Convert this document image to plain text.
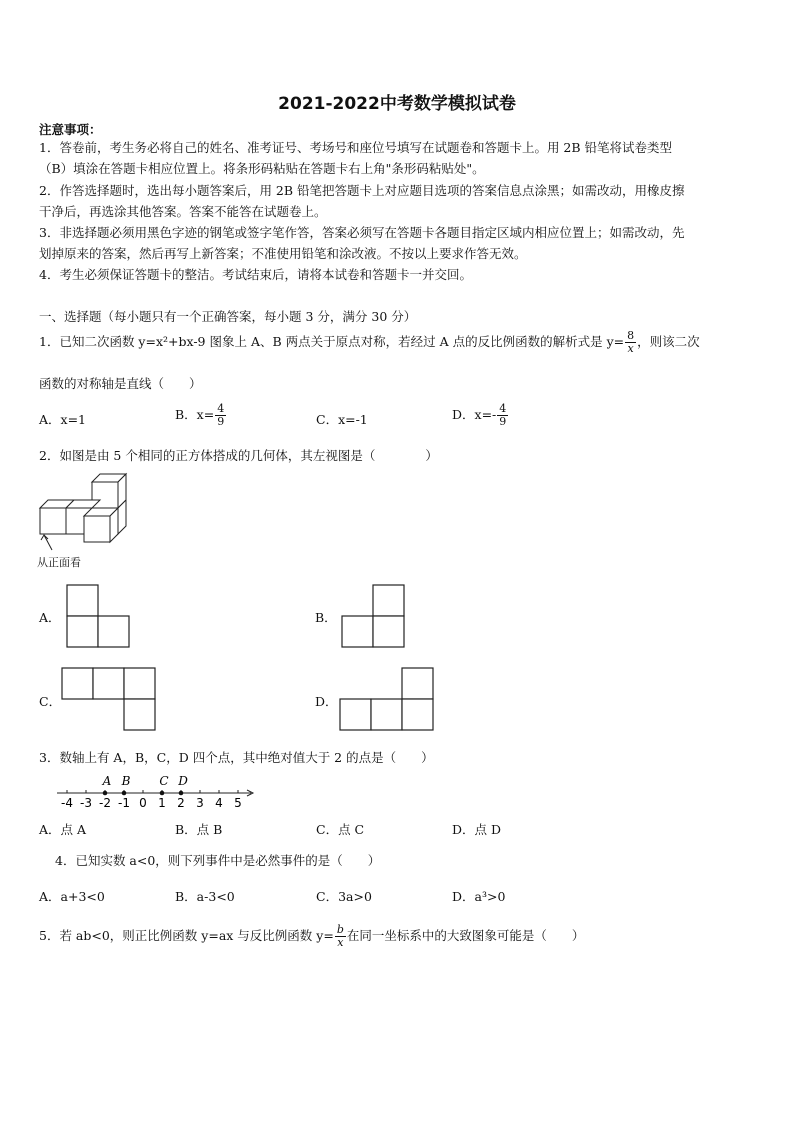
2021-2022中考数学模拟试卷
注意事项：
1．答卷前，考生务必将自己的姓名、准考证号、考场号和座位号填写在试题卷和答题卡上。用 2B 铅笔将试卷类型
（B）填涂在答题卡相应位置上。将条形码粘贴在答题卡右上角"条形码粘贴处"。
2．作答选择题时，选出每小题答案后，用 2B 铅笔把答题卡上对应题目选项的答案信息点涂黑；如需改动，用橡皮擦
干净后，再选涂其他答案。答案不能答在试题卷上。
3．非选择题必须用黑色字迹的钢笔或签字笔作答，答案必须写在答题卡各题目指定区域内相应位置上；如需改动，先
划掉原来的答案，然后再写上新答案；不准使用铅笔和涂改液。不按以上要求作答无效。
4．考生必须保证答题卡的整洁。考试结束后，请将本试卷和答题卡一并交回。
一、选择题（每小题只有一个正确答案，每小题 3 分，满分 30 分）
1．已知二次函数 y=x²+bx-9 图象上 A、B 两点关于原点对称，若经过 A 点的反比例函数的解析式是 $y= \frac{8}{x}$ ，则该二次
函数的对称轴是直线（　　）
A．x=1	B．$x= \frac{4}{9}$	C．x=-1	D．$x=- \frac{4}{9}$
2．如图是由 5 个相同的正方体搭成的几何体，其左视图是（　　　　）
从正面看
A．	B．
C．	D．
3．数轴上有 A，B，C，D 四个点，其中绝对值大于 2 的点是（　　）
-4 -3 -2 -1 0 1 2 3 4 5
A B C D
A．点 A	B．点 B	C．点 C	D．点 D
4．已知实数 a<0，则下列事件中是必然事件的是（　　）
A．a+3<0	B．a-3<0	C．3a>0	D．a³>0
5．若 ab<0，则正比例函数 y=ax 与反比例函数 $y= \frac{b}{x}$ 在同一坐标系中的大致图象可能是（　　）
